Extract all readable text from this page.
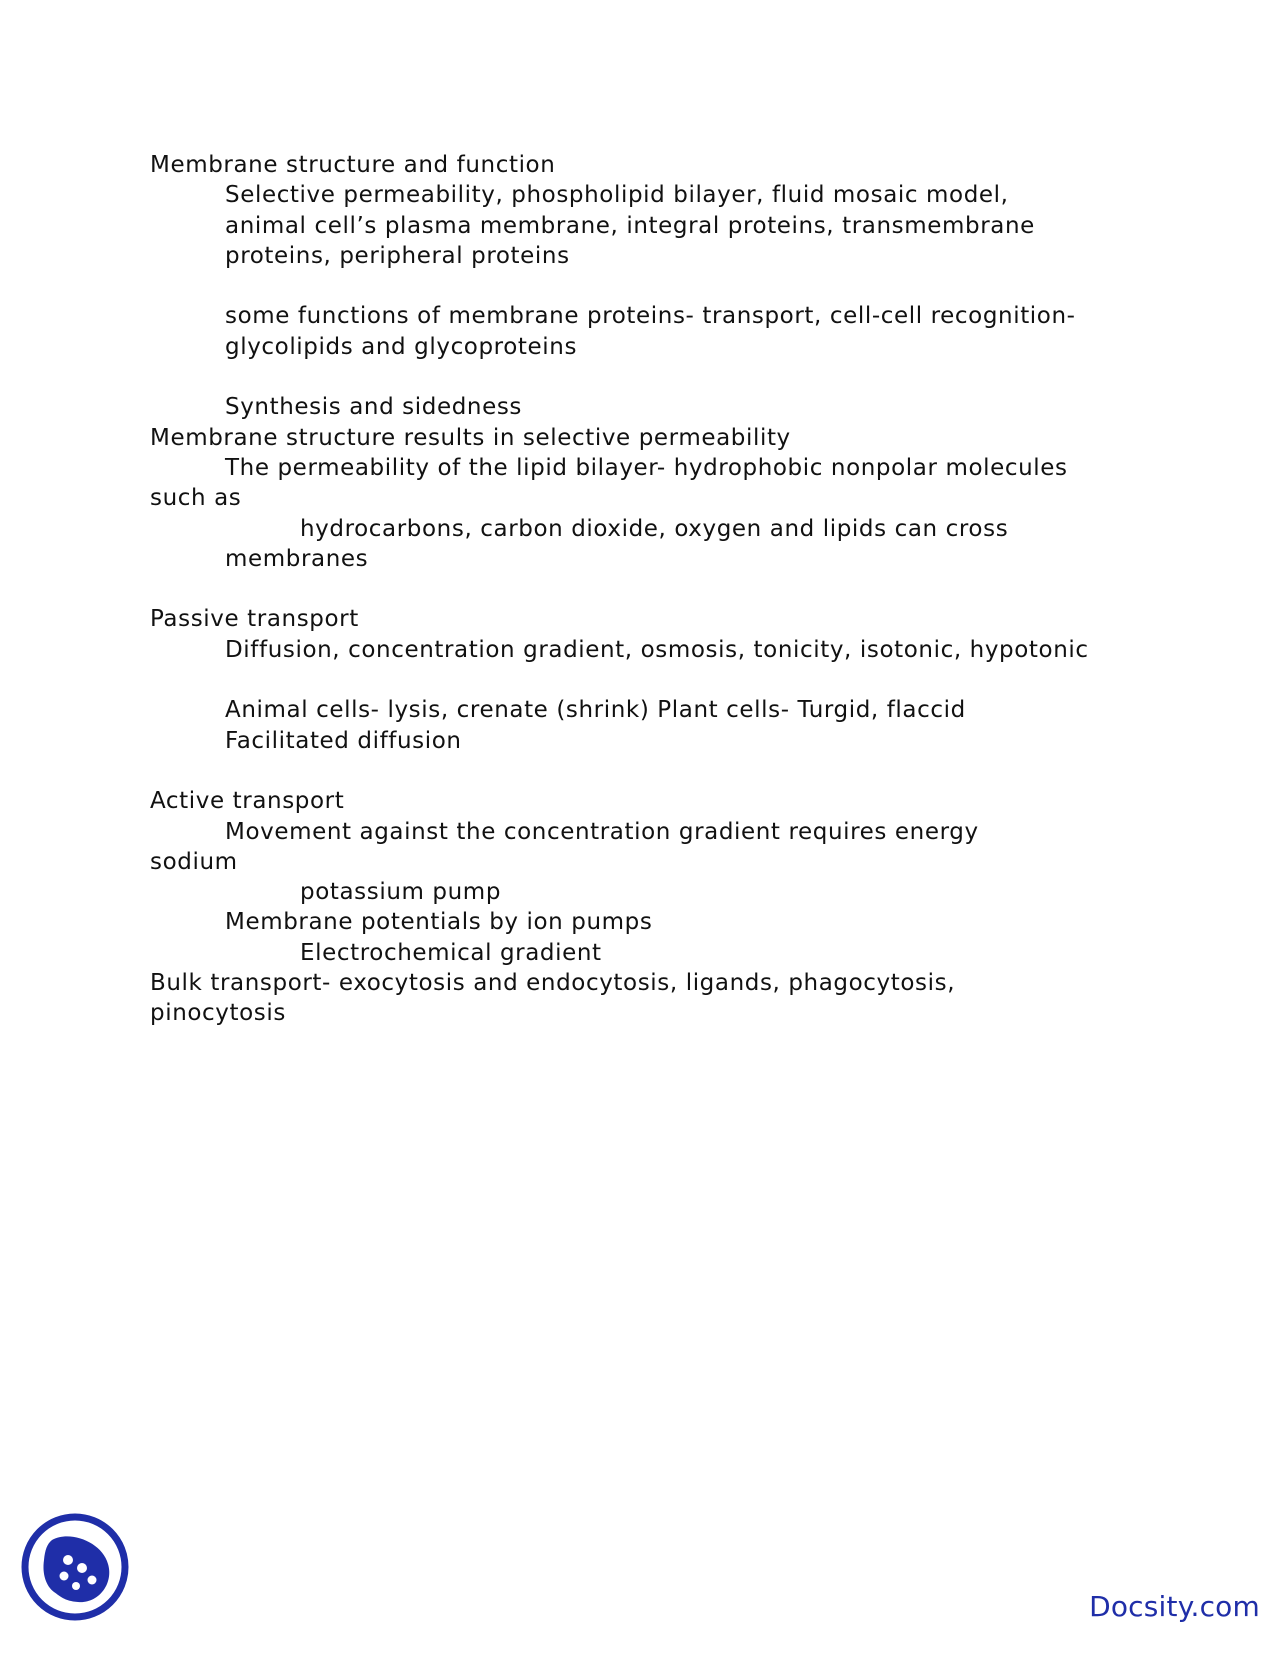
Membrane structure and function
Selective permeability, phospholipid bilayer, fluid mosaic model,
animal cell’s plasma membrane, integral proteins, transmembrane
proteins, peripheral proteins
some functions of membrane proteins- transport, cell-cell recognition-
glycolipids and glycoproteins
Synthesis and sidedness
Membrane structure results in selective permeability
The permeability of the lipid bilayer- hydrophobic nonpolar molecules
such as
hydrocarbons, carbon dioxide, oxygen and lipids can cross
membranes
Passive transport
Diffusion, concentration gradient, osmosis, tonicity, isotonic, hypotonic
Animal cells- lysis, crenate (shrink) Plant cells- Turgid, flaccid
Facilitated diffusion
Active transport
Movement against the concentration gradient requires energy
sodium
potassium pump
Membrane potentials by ion pumps
Electrochemical gradient
Bulk transport- exocytosis and endocytosis, ligands, phagocytosis,
pinocytosis
Docsity.com
